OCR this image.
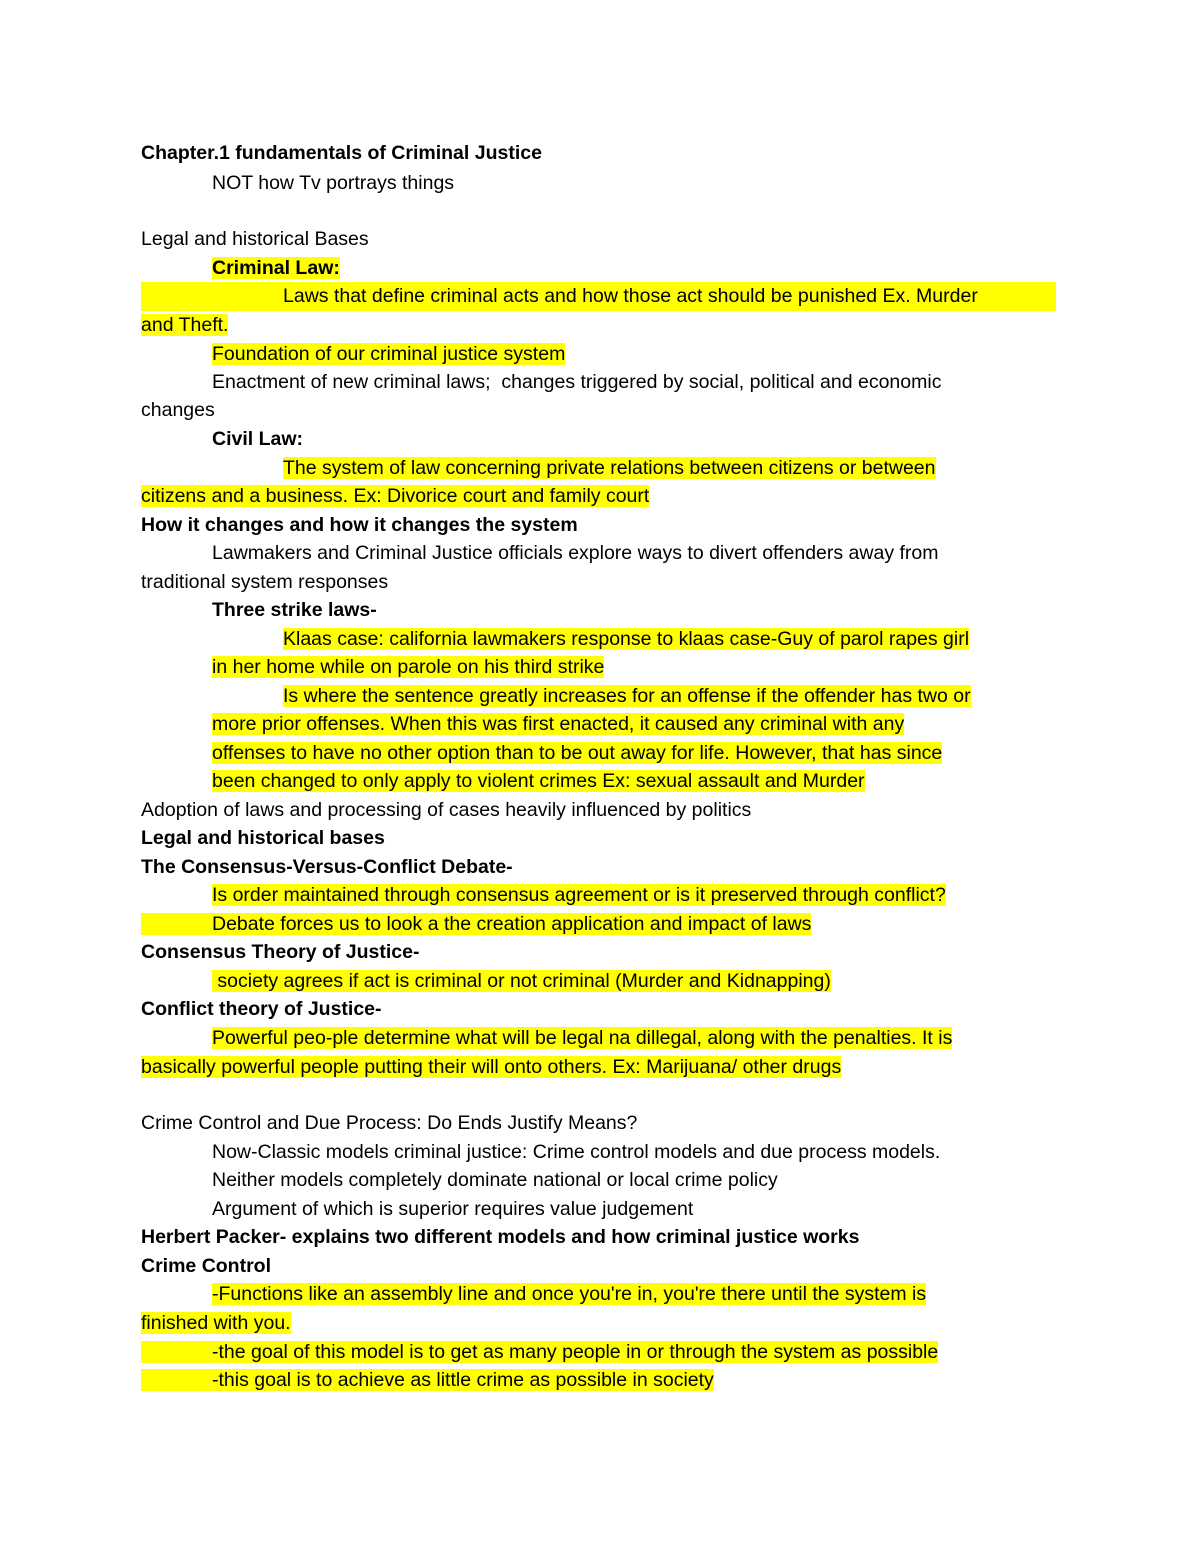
Chapter.1 fundamentals of Criminal Justice
NOT how Tv portrays things
Legal and historical Bases
Criminal Law:
Laws that define criminal acts and how those act should be punished Ex. Murder
and Theft.
Foundation of our criminal justice system
Enactment of new criminal laws;  changes triggered by social, political and economic
changes
Civil Law:
The system of law concerning private relations between citizens or between
citizens and a business. Ex: Divorice court and family court
How it changes and how it changes the system
Lawmakers and Criminal Justice officials explore ways to divert offenders away from
traditional system responses
Three strike laws-
Klaas case: california lawmakers response to klaas case-Guy of parol rapes girl
in her home while on parole on his third strike
Is where the sentence greatly increases for an offense if the offender has two or
more prior offenses. When this was first enacted, it caused any criminal with any
offenses to have no other option than to be out away for life. However, that has since
been changed to only apply to violent crimes Ex: sexual assault and Murder
Adoption of laws and processing of cases heavily influenced by politics
Legal and historical bases
The Consensus-Versus-Conflict Debate-
Is order maintained through consensus agreement or is it preserved through conflict?
Debate forces us to look a the creation application and impact of laws
Consensus Theory of Justice-
society agrees if act is criminal or not criminal (Murder and Kidnapping)
Conflict theory of Justice-
Powerful peo-ple determine what will be legal na dillegal, along with the penalties. It is
basically powerful people putting their will onto others. Ex: Marijuana/ other drugs
Crime Control and Due Process: Do Ends Justify Means?
Now-Classic models criminal justice: Crime control models and due process models.
Neither models completely dominate national or local crime policy
Argument of which is superior requires value judgement
Herbert Packer- explains two different models and how criminal justice works
Crime Control
-Functions like an assembly line and once you're in, you're there until the system is
finished with you.
-the goal of this model is to get as many people in or through the system as possible
-this goal is to achieve as little crime as possible in society
